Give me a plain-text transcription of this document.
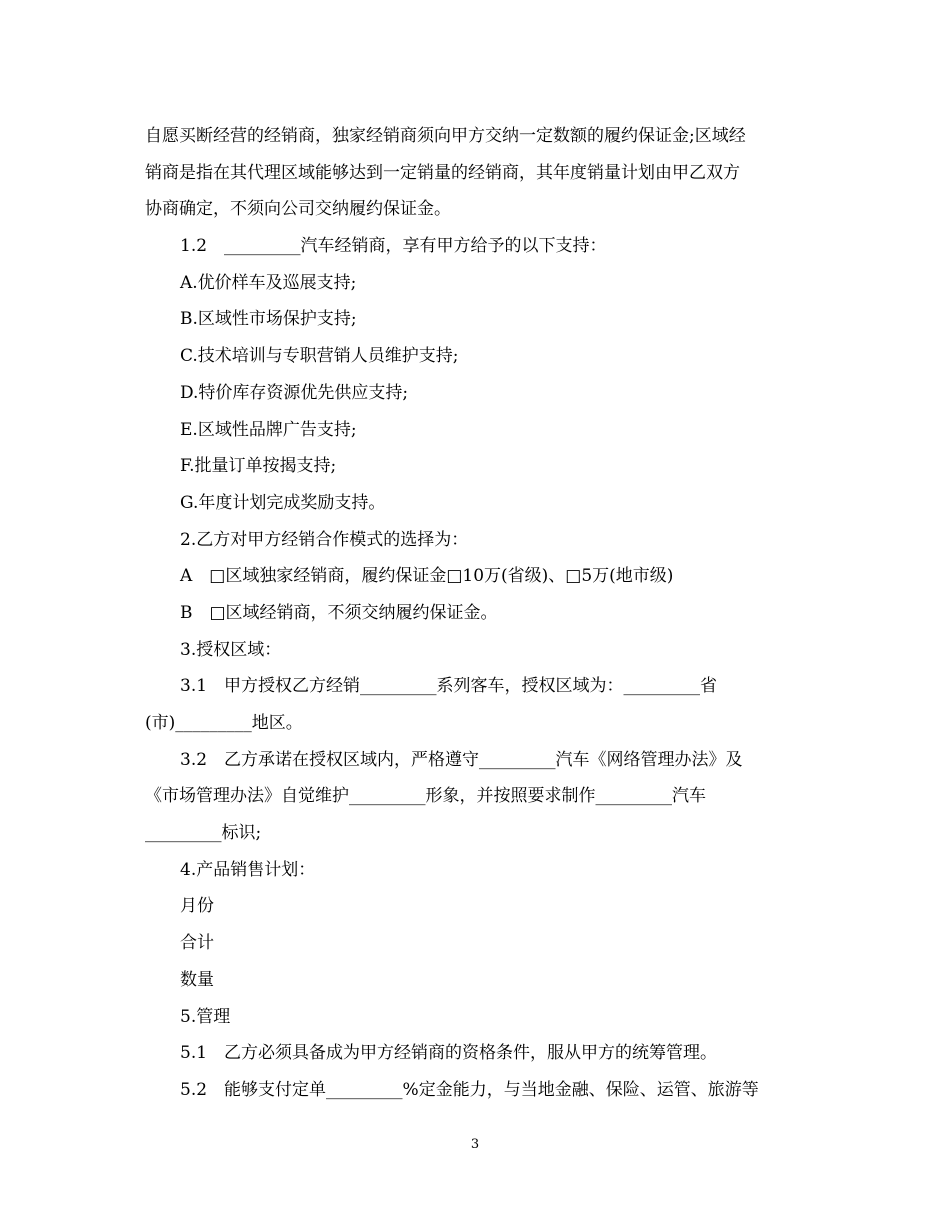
自愿买断经营的经销商，独家经销商须向甲方交纳一定数额的履约保证金;区域经
销商是指在其代理区域能够达到一定销量的经销商，其年度销量计划由甲乙双方
协商确定，不须向公司交纳履约保证金。
1.2　_________汽车经销商，享有甲方给予的以下支持：
A.优价样车及巡展支持;
B.区域性市场保护支持;
C.技术培训与专职营销人员维护支持;
D.特价库存资源优先供应支持;
E.区域性品牌广告支持;
F.批量订单按揭支持;
G.年度计划完成奖励支持。
2.乙方对甲方经销合作模式的选择为：
A　□区域独家经销商，履约保证金□10万(省级)、□5万(地市级)
B　□区域经销商，不须交纳履约保证金。
3.授权区域：
3.1　甲方授权乙方经销_________系列客车，授权区域为：_________省
(市)_________地区。
3.2　乙方承诺在授权区域内，严格遵守_________汽车《网络管理办法》及
《市场管理办法》自觉维护_________形象，并按照要求制作_________汽车
_________标识;
4.产品销售计划：
月份
合计
数量
5.管理
5.1　乙方必须具备成为甲方经销商的资格条件，服从甲方的统筹管理。
5.2　能够支付定单_________%定金能力，与当地金融、保险、运管、旅游等
3
